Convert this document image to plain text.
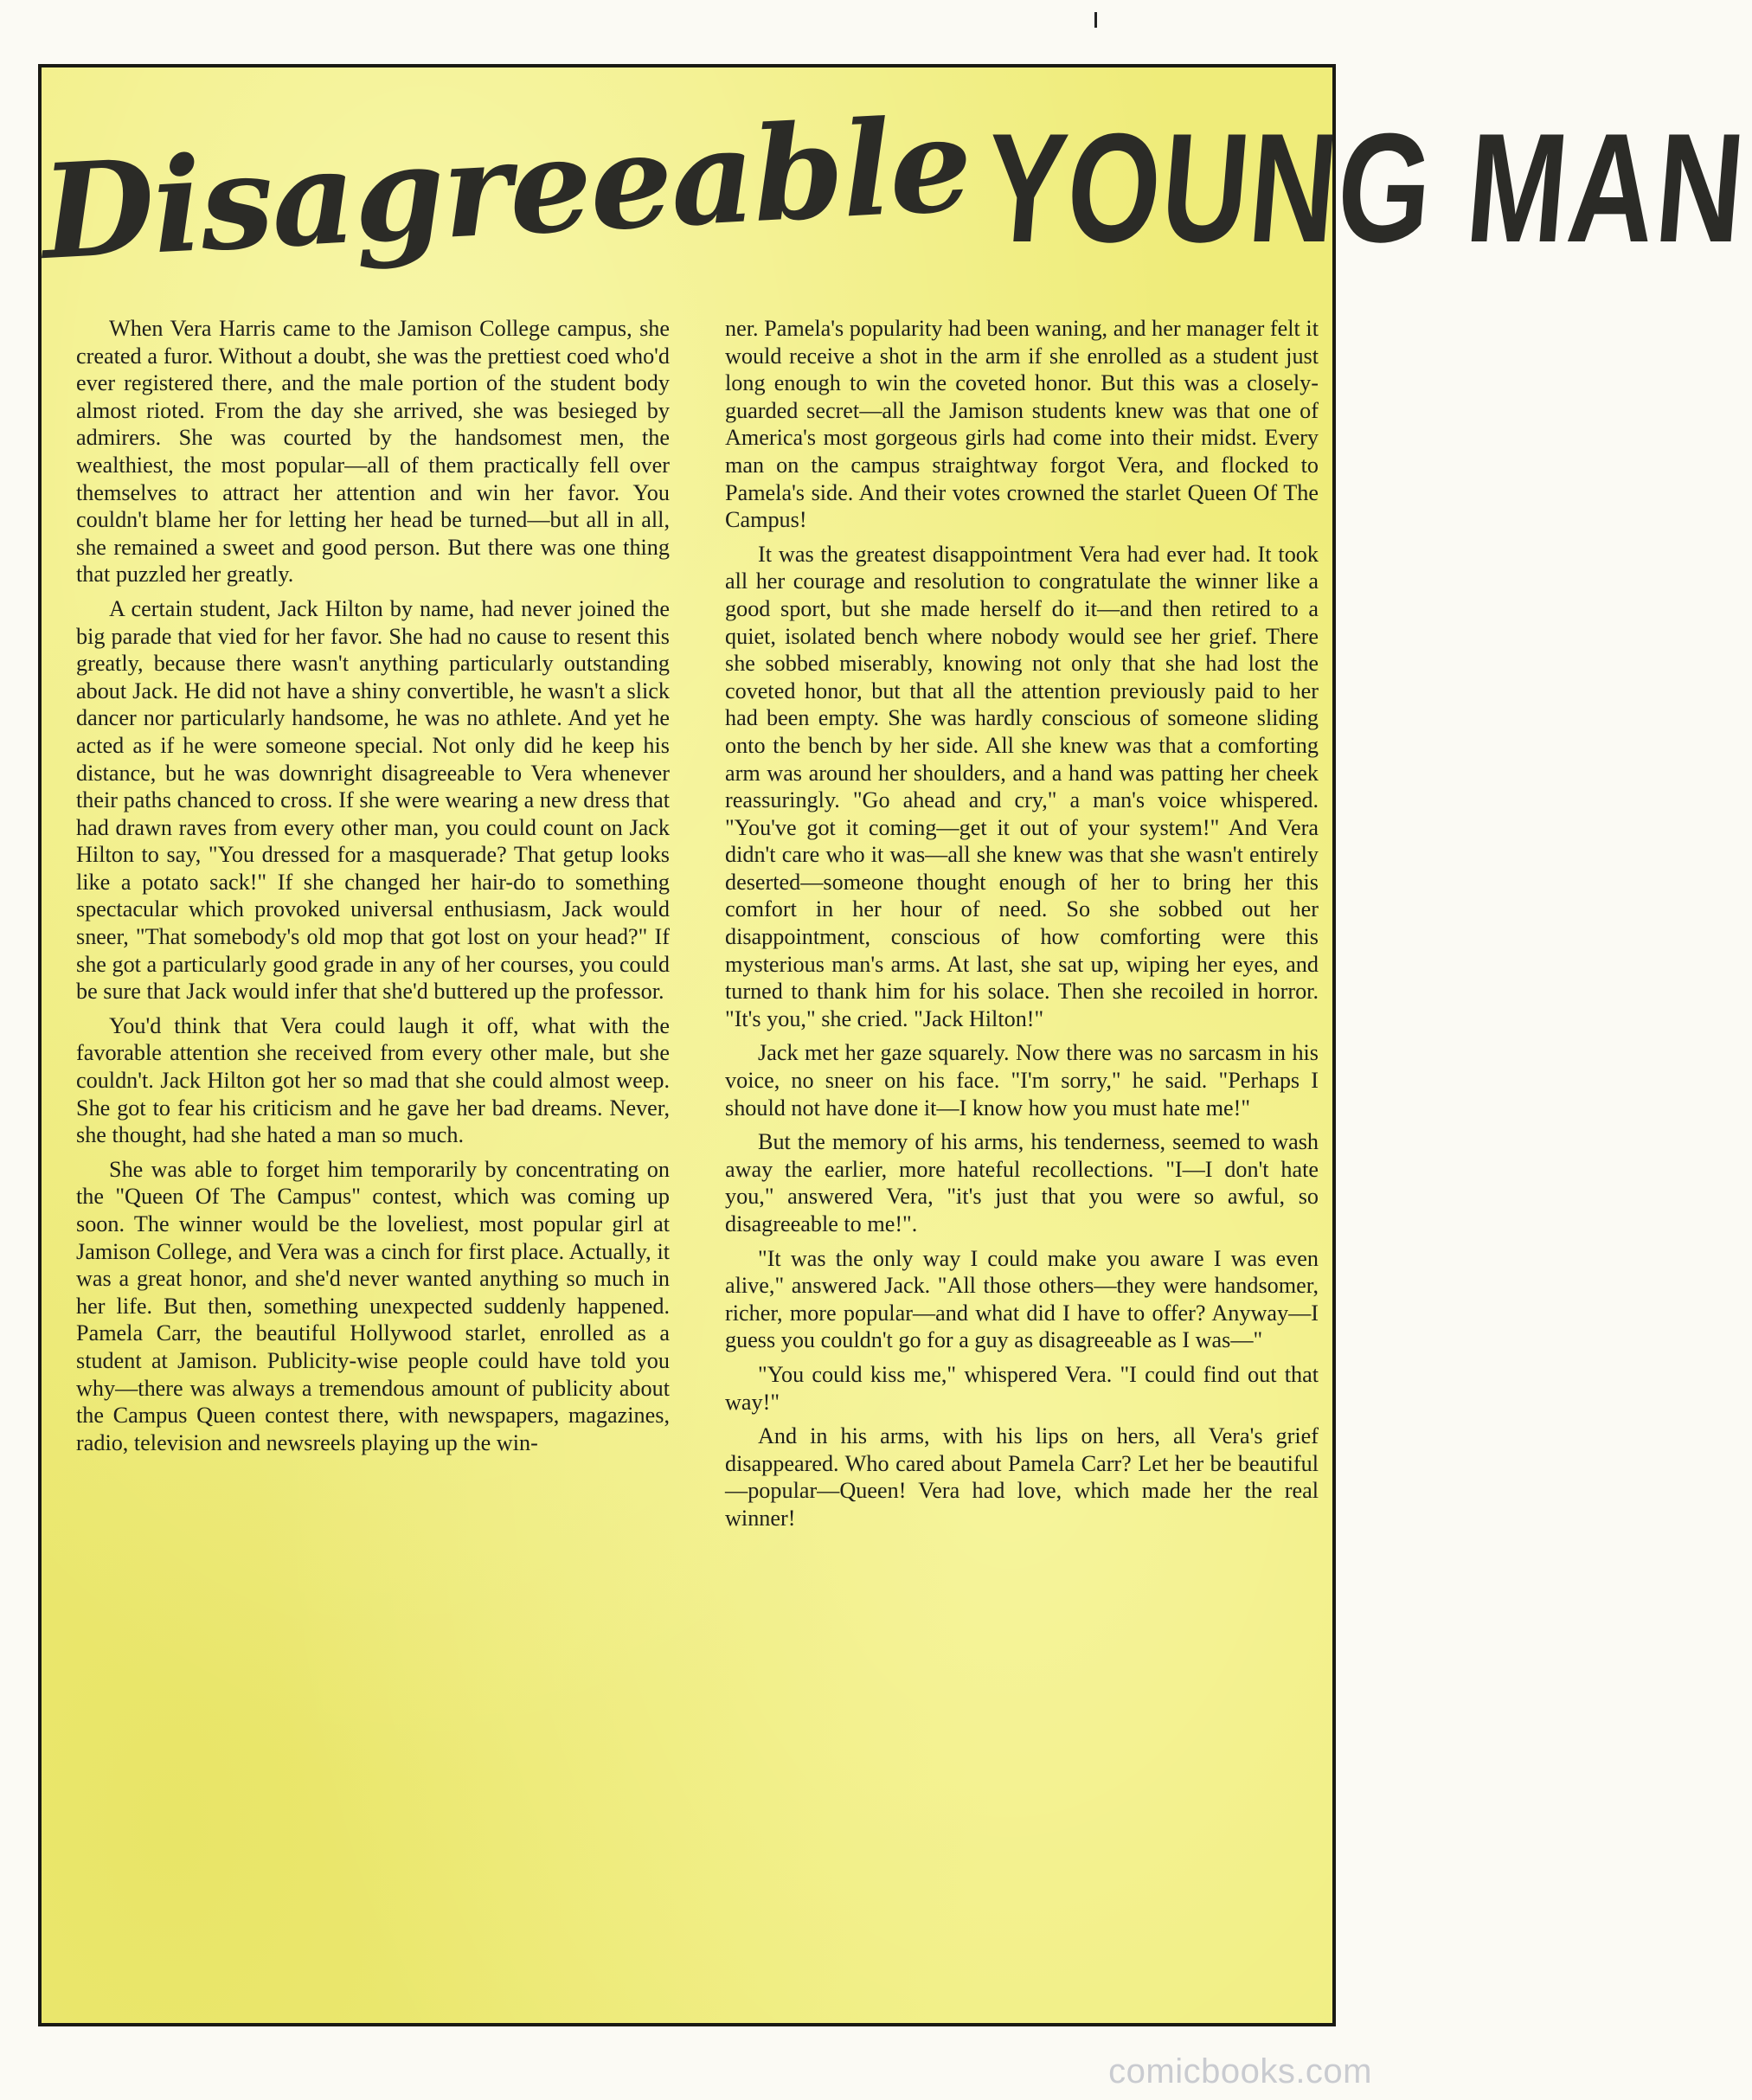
DisagreeableYOUNG MAN

When Vera Harris came to the Jamison College campus, she created a furor. Without a doubt, she was the prettiest coed who'd ever registered there, and the male portion of the student body almost rioted. From the day she arrived, she was besieged by admirers. She was courted by the handsomest men, the wealthiest, the most popular—all of them practically fell over themselves to attract her attention and win her favor. You couldn't blame her for letting her head be turned—but all in all, she remained a sweet and good person. But there was one thing that puzzled her greatly.

A certain student, Jack Hilton by name, had never joined the big parade that vied for her favor. She had no cause to resent this greatly, because there wasn't anything particularly outstanding about Jack. He did not have a shiny convertible, he wasn't a slick dancer nor particularly handsome, he was no athlete. And yet he acted as if he were someone special. Not only did he keep his distance, but he was downright disagreeable to Vera whenever their paths chanced to cross. If she were wearing a new dress that had drawn raves from every other man, you could count on Jack Hilton to say, "You dressed for a masquerade? That getup looks like a potato sack!" If she changed her hair-do to something spectacular which provoked universal enthusiasm, Jack would sneer, "That somebody's old mop that got lost on your head?" If she got a particularly good grade in any of her courses, you could be sure that Jack would infer that she'd buttered up the professor.

You'd think that Vera could laugh it off, what with the favorable attention she received from every other male, but she couldn't. Jack Hilton got her so mad that she could almost weep. She got to fear his criticism and he gave her bad dreams. Never, she thought, had she hated a man so much.

She was able to forget him temporarily by concentrating on the "Queen Of The Campus" contest, which was coming up soon. The winner would be the loveliest, most popular girl at Jamison College, and Vera was a cinch for first place. Actually, it was a great honor, and she'd never wanted anything so much in her life. But then, something unexpected suddenly happened. Pamela Carr, the beautiful Hollywood starlet, enrolled as a student at Jamison. Publicity-wise people could have told you why—there was always a tremendous amount of publicity about the Campus Queen contest there, with newspapers, magazines, radio, television and newsreels playing up the win-

ner. Pamela's popularity had been waning, and her manager felt it would receive a shot in the arm if she enrolled as a student just long enough to win the coveted honor. But this was a closely-guarded secret—all the Jamison students knew was that one of America's most gorgeous girls had come into their midst. Every man on the campus straightway forgot Vera, and flocked to Pamela's side. And their votes crowned the starlet Queen Of The Campus!

It was the greatest disappointment Vera had ever had. It took all her courage and resolution to congratulate the winner like a good sport, but she made herself do it—and then retired to a quiet, isolated bench where nobody would see her grief. There she sobbed miserably, knowing not only that she had lost the coveted honor, but that all the attention previously paid to her had been empty. She was hardly conscious of someone sliding onto the bench by her side. All she knew was that a comforting arm was around her shoulders, and a hand was patting her cheek reassuringly. "Go ahead and cry," a man's voice whispered. "You've got it coming—get it out of your system!" And Vera didn't care who it was—all she knew was that she wasn't entirely deserted—someone thought enough of her to bring her this comfort in her hour of need. So she sobbed out her disappointment, conscious of how comforting were this mysterious man's arms. At last, she sat up, wiping her eyes, and turned to thank him for his solace. Then she recoiled in horror. "It's you," she cried. "Jack Hilton!"

Jack met her gaze squarely. Now there was no sarcasm in his voice, no sneer on his face. "I'm sorry," he said. "Perhaps I should not have done it—I know how you must hate me!"

But the memory of his arms, his tenderness, seemed to wash away the earlier, more hateful recollections. "I—I don't hate you," answered Vera, "it's just that you were so awful, so disagreeable to me!".

"It was the only way I could make you aware I was even alive," answered Jack. "All those others—they were handsomer, richer, more popular—and what did I have to offer? Anyway—I guess you couldn't go for a guy as disagreeable as I was—"

"You could kiss me," whispered Vera. "I could find out that way!"

And in his arms, with his lips on hers, all Vera's grief disappeared. Who cared about Pamela Carr? Let her be beautiful—popular—Queen! Vera had love, which made her the real winner!

comicbooks.com
